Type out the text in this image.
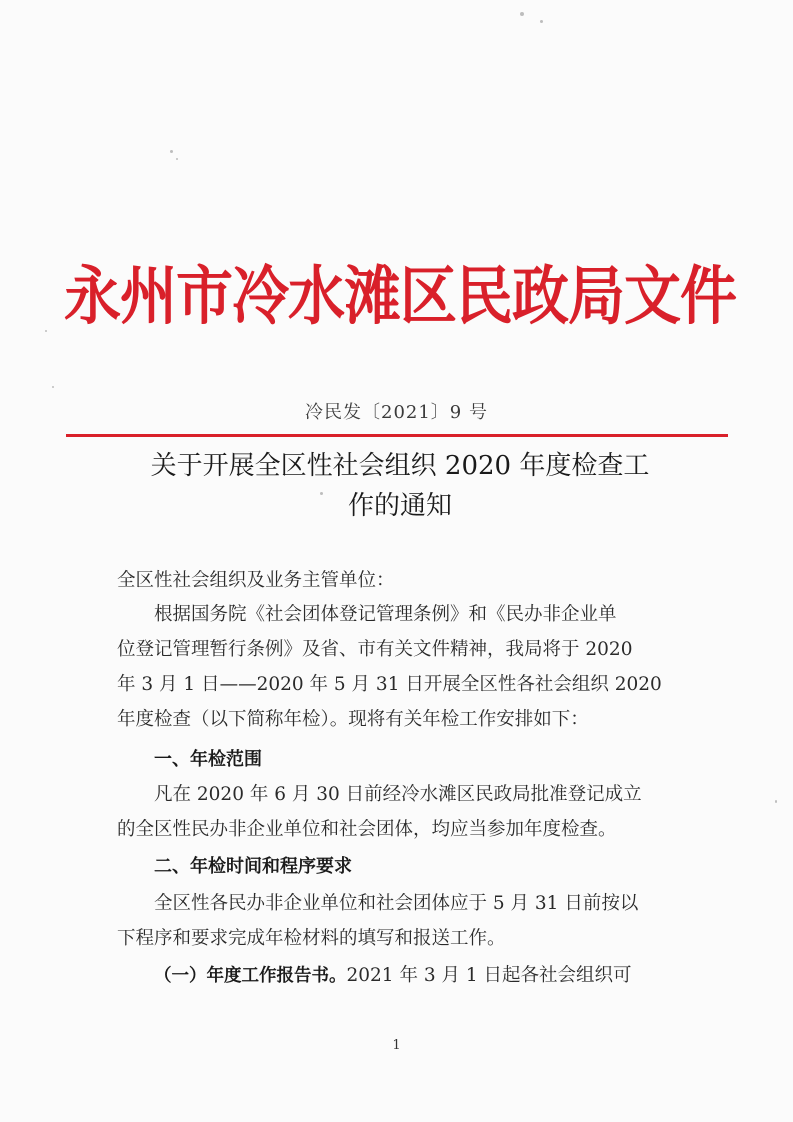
永州市冷水滩区民政局文件
冷民发〔2021〕9 号
关于开展全区性社会组织 2020 年度检查工
作的通知
全区性社会组织及业务主管单位：
根据国务院《社会团体登记管理条例》和《民办非企业单
位登记管理暂行条例》及省、市有关文件精神，我局将于 2020
年 3 月 1 日——2020 年 5 月 31 日开展全区性各社会组织 2020
年度检查（以下简称年检）。现将有关年检工作安排如下：
一、年检范围
凡在 2020 年 6 月 30 日前经冷水滩区民政局批准登记成立
的全区性民办非企业单位和社会团体，均应当参加年度检查。
二、年检时间和程序要求
全区性各民办非企业单位和社会团体应于 5 月 31 日前按以
下程序和要求完成年检材料的填写和报送工作。
（一）年度工作报告书。2021 年 3 月 1 日起各社会组织可
1
